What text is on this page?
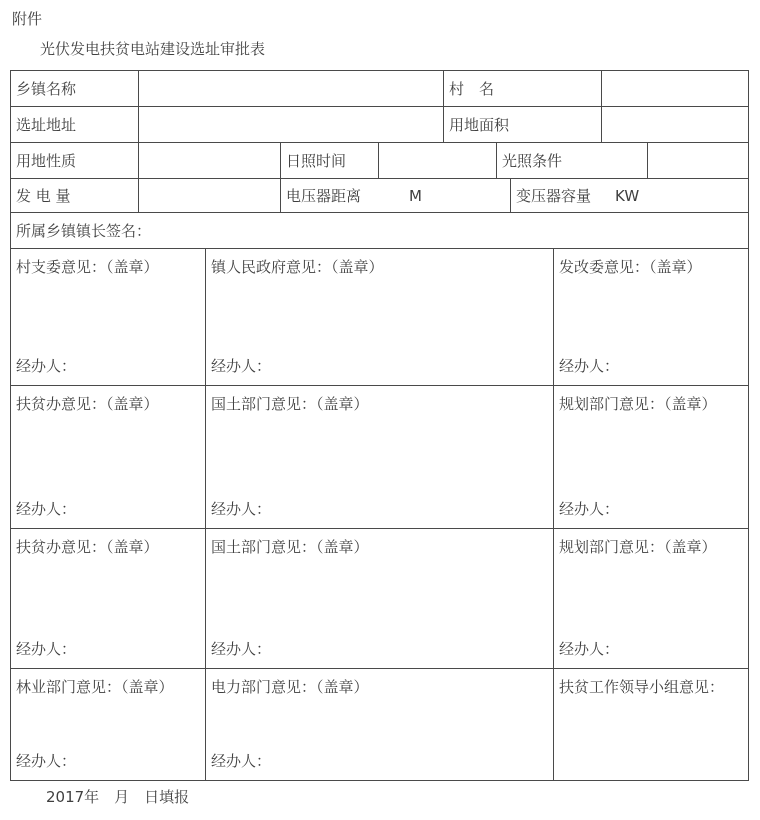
附件
光伏发电扶贫电站建设选址审批表
乡镇名称	村　名
选址地址	用地面积
用地性质	日照时间	光照条件
发 电 量	电压器距离	M	变压器容量 KW
所属乡镇镇长签名：
村支委意见：（盖章）
经办人：
镇人民政府意见：（盖章）
经办人：
发改委意见：（盖章）
经办人：
扶贫办意见：（盖章）
经办人：
国土部门意见：（盖章）
经办人：
规划部门意见：（盖章）
经办人：
扶贫办意见：（盖章）
经办人：
国土部门意见：（盖章）
经办人：
规划部门意见：（盖章）
经办人：
林业部门意见：（盖章）
经办人：
电力部门意见：（盖章）
经办人：
扶贫工作领导小组意见：
2017年　月　日填报
